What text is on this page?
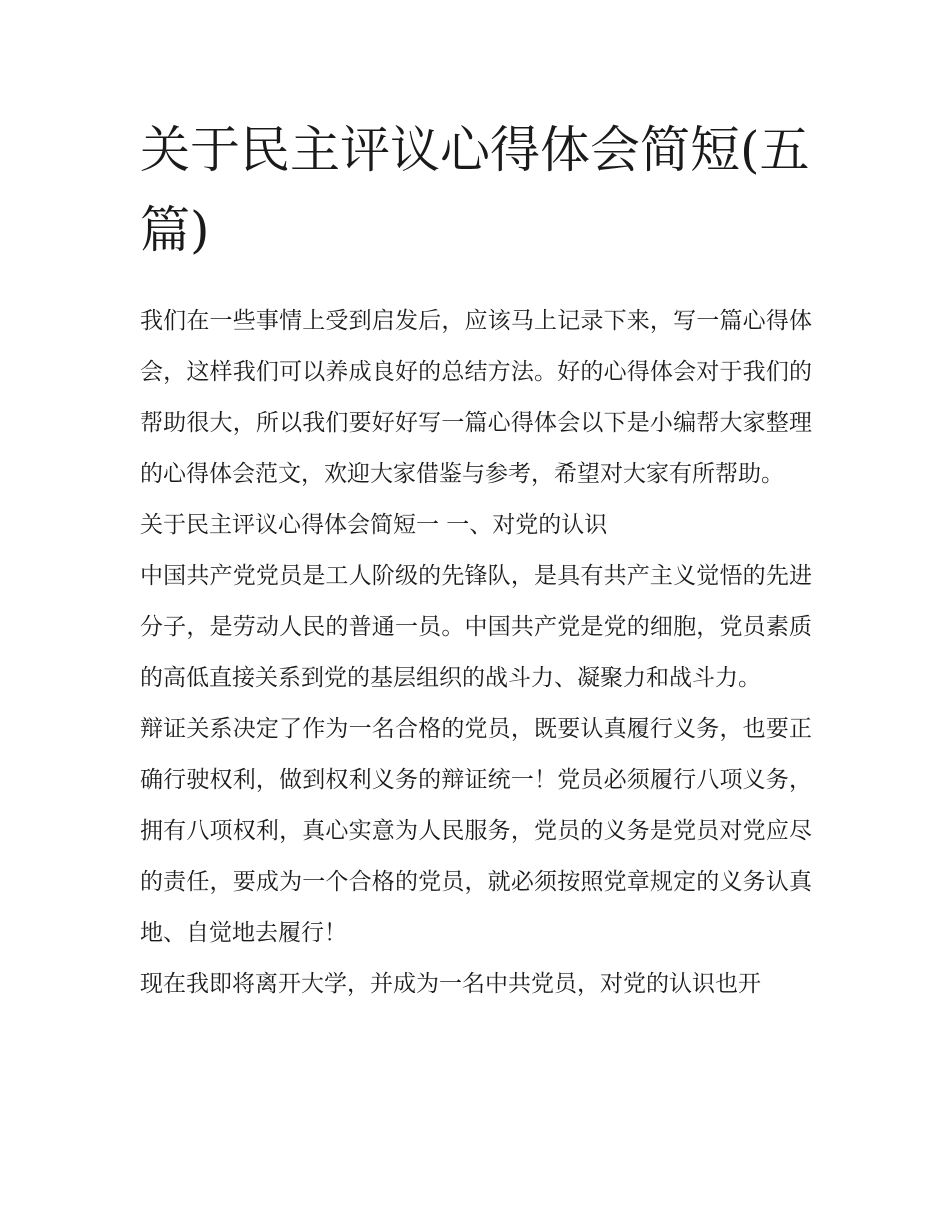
关于民主评议心得体会简短(五篇)

我们在一些事情上受到启发后，应该马上记录下来，写一篇心得体会，这样我们可以养成良好的总结方法。好的心得体会对于我们的帮助很大，所以我们要好好写一篇心得体会以下是小编帮大家整理的心得体会范文，欢迎大家借鉴与参考，希望对大家有所帮助。

关于民主评议心得体会简短一 一、对党的认识

中国共产党党员是工人阶级的先锋队，是具有共产主义觉悟的先进分子，是劳动人民的普通一员。中国共产党是党的细胞，党员素质的高低直接关系到党的基层组织的战斗力、凝聚力和战斗力。

辩证关系决定了作为一名合格的党员，既要认真履行义务，也要正确行驶权利，做到权利义务的辩证统一！党员必须履行八项义务，拥有八项权利，真心实意为人民服务，党员的义务是党员对党应尽的责任，要成为一个合格的党员，就必须按照党章规定的义务认真地、自觉地去履行！

现在我即将离开大学，并成为一名中共党员，对党的认识也开
